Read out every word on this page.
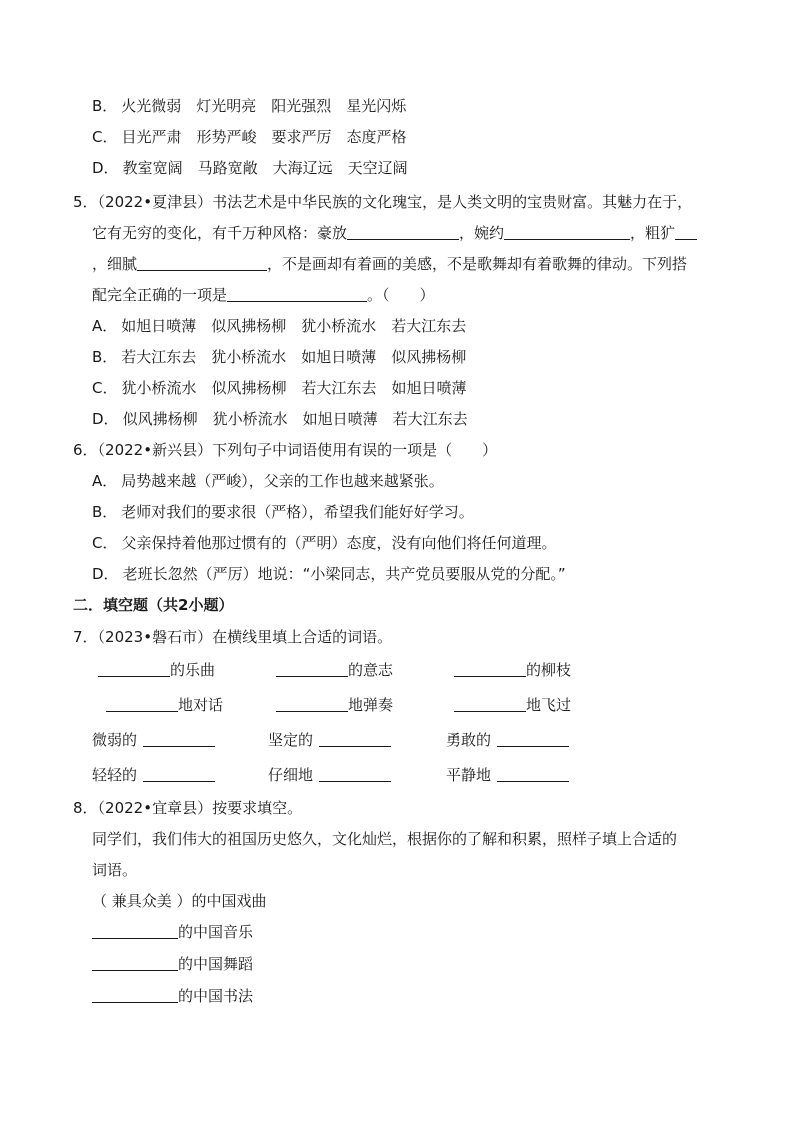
B． 火光微弱　灯光明亮　阳光强烈　星光闪烁
C． 目光严肃　形势严峻　要求严厉　态度严格
D． 教室宽阔　马路宽敞　大海辽远　天空辽阔
5．（2022•夏津县）书法艺术是中华民族的文化瑰宝，是人类文明的宝贵财富。其魅力在于，
它有无穷的变化，有千万种风格：豪放	，婉约	，粗犷
，细腻	，不是画却有着画的美感，不是歌舞却有着歌舞的律动。下列搭
配完全正确的一项是	。（　　）
A． 如旭日喷薄　似风拂杨柳　犹小桥流水　若大江东去
B． 若大江东去　犹小桥流水　如旭日喷薄　似风拂杨柳
C． 犹小桥流水　似风拂杨柳　若大江东去　如旭日喷薄
D． 似风拂杨柳　犹小桥流水　如旭日喷薄　若大江东去
6．（2022•新兴县）下列句子中词语使用有误的一项是（　　）
A． 局势越来越（严峻），父亲的工作也越来越紧张。
B． 老师对我们的要求很（严格），希望我们能好好学习。
C． 父亲保持着他那过惯有的（严明）态度，没有向他们将任何道理。
D． 老班长忽然（严厉）地说：“小梁同志，共产党员要服从党的分配。”
二．填空题（共2小题）
7．（2023•磐石市）在横线里填上合适的词语。
的乐曲	的意志	的柳枝
地对话	地弹奏	地飞过
微弱的	坚定的	勇敢的
轻轻的	仔细地	平静地
8．（2022•宜章县）按要求填空。
同学们，我们伟大的祖国历史悠久，文化灿烂，根据你的了解和积累，照样子填上合适的
词语。
（ 兼具众美 ）的中国戏曲
的中国音乐
的中国舞蹈
的中国书法
